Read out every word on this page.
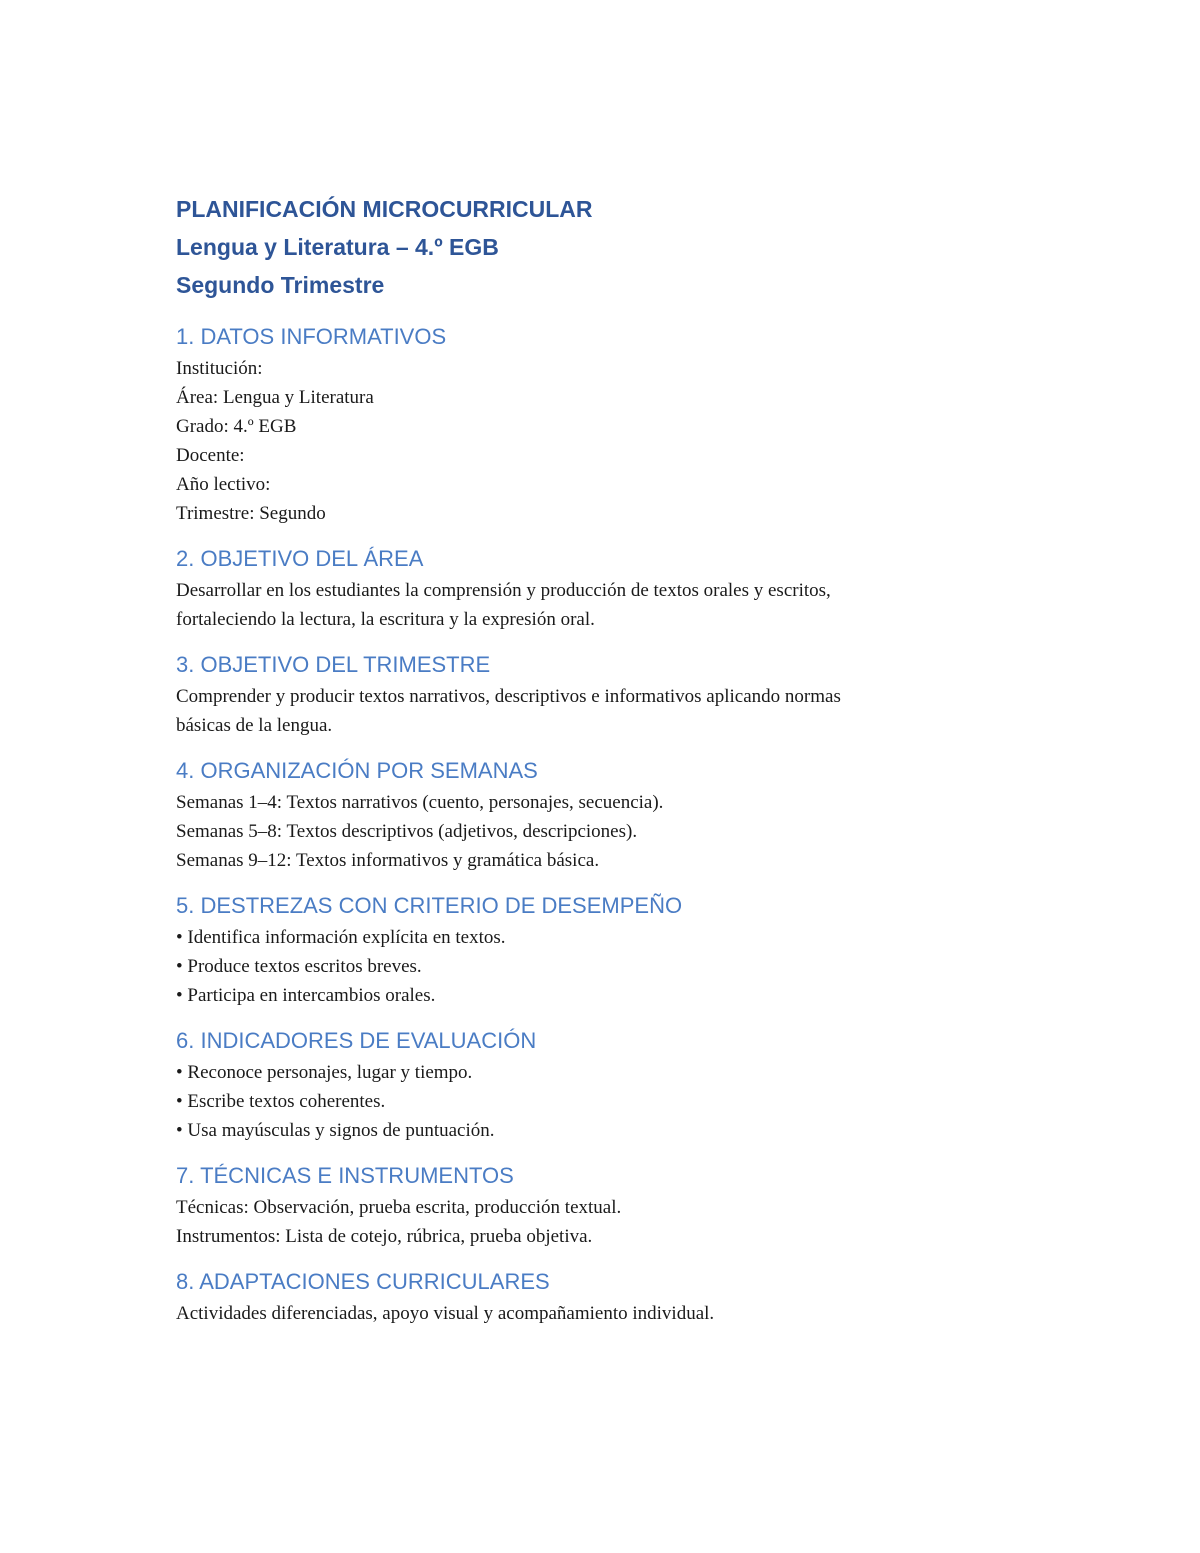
PLANIFICACIÓN MICROCURRICULAR

Lengua y Literatura – 4.º EGB

Segundo Trimestre

1. DATOS INFORMATIVOS

Institución:

Área: Lengua y Literatura

Grado: 4.º EGB

Docente:

Año lectivo:

Trimestre: Segundo

2. OBJETIVO DEL ÁREA

Desarrollar en los estudiantes la comprensión y producción de textos orales y escritos,

fortaleciendo la lectura, la escritura y la expresión oral.

3. OBJETIVO DEL TRIMESTRE

Comprender y producir textos narrativos, descriptivos e informativos aplicando normas

básicas de la lengua.

4. ORGANIZACIÓN POR SEMANAS

Semanas 1–4: Textos narrativos (cuento, personajes, secuencia).

Semanas 5–8: Textos descriptivos (adjetivos, descripciones).

Semanas 9–12: Textos informativos y gramática básica.

5. DESTREZAS CON CRITERIO DE DESEMPEÑO

• Identifica información explícita en textos.

• Produce textos escritos breves.

• Participa en intercambios orales.

6. INDICADORES DE EVALUACIÓN

• Reconoce personajes, lugar y tiempo.

• Escribe textos coherentes.

• Usa mayúsculas y signos de puntuación.

7. TÉCNICAS E INSTRUMENTOS

Técnicas: Observación, prueba escrita, producción textual.

Instrumentos: Lista de cotejo, rúbrica, prueba objetiva.

8. ADAPTACIONES CURRICULARES

Actividades diferenciadas, apoyo visual y acompañamiento individual.
